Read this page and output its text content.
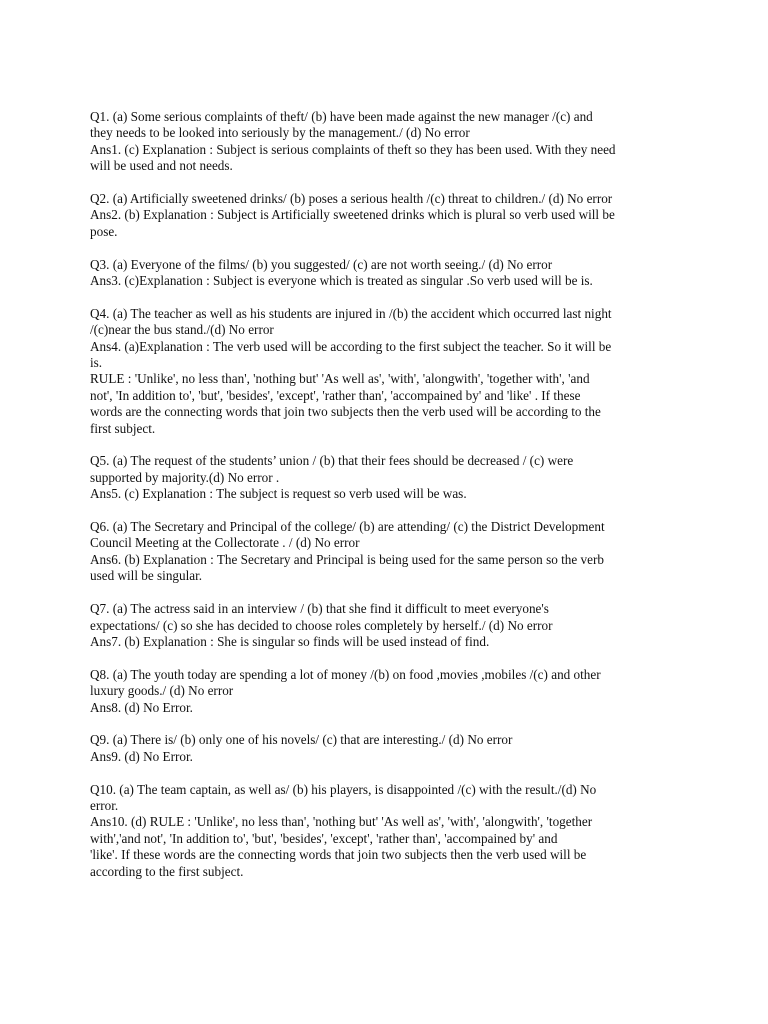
Q1. (a) Some serious complaints of theft/ (b) have been made against the new manager /(c) and
they needs to be looked into seriously by the management./ (d) No error
Ans1. (c) Explanation : Subject is serious complaints of theft so they has been used. With they need
will be used and not needs.
Q2. (a) Artificially sweetened drinks/ (b) poses a serious health /(c) threat to children./ (d) No error
Ans2. (b) Explanation : Subject is Artificially sweetened drinks which is plural so verb used will be
pose.
Q3. (a) Everyone of the films/ (b) you suggested/ (c) are not worth seeing./ (d) No error
Ans3. (c)Explanation : Subject is everyone which is treated as singular .So verb used will be is.
Q4. (a) The teacher as well as his students are injured in /(b) the accident which occurred last night
/(c)near the bus stand./(d) No error
Ans4. (a)Explanation : The verb used will be according to the first subject the teacher. So it will be
is.
RULE : 'Unlike', no less than', 'nothing but' 'As well as', 'with', 'alongwith', 'together with', 'and
not', 'In addition to', 'but', 'besides', 'except', 'rather than', 'accompained by' and 'like' . If these
words are the connecting words that join two subjects then the verb used will be according to the
first subject.
Q5. (a) The request of the students’ union / (b) that their fees should be decreased / (c) were
supported by majority.(d) No error .
Ans5. (c) Explanation : The subject is request so verb used will be was.
Q6. (a) The Secretary and Principal of the college/ (b) are attending/ (c) the District Development
Council Meeting at the Collectorate . / (d) No error
Ans6. (b) Explanation : The Secretary and Principal is being used for the same person so the verb
used will be singular.
Q7. (a) The actress said in an interview / (b) that she find it difficult to meet everyone's
expectations/ (c) so she has decided to choose roles completely by herself./ (d) No error
Ans7. (b) Explanation : She is singular so finds will be used instead of find.
Q8. (a) The youth today are spending a lot of money /(b) on food ,movies ,mobiles /(c) and other
luxury goods./ (d) No error
Ans8. (d) No Error.
Q9. (a) There is/ (b) only one of his novels/ (c) that are interesting./ (d) No error
Ans9. (d) No Error.
Q10. (a) The team captain, as well as/ (b) his players, is disappointed /(c) with the result./(d) No
error.
Ans10. (d) RULE : 'Unlike', no less than', 'nothing but' 'As well as', 'with', 'alongwith', 'together
with','and not', 'In addition to', 'but', 'besides', 'except', 'rather than', 'accompained by' and
'like'. If these words are the connecting words that join two subjects then the verb used will be
according to the first subject.
